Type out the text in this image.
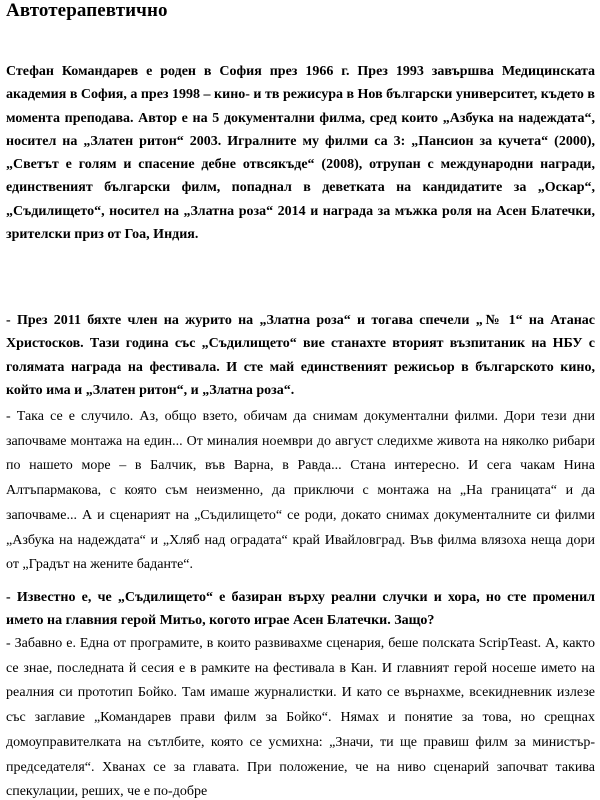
Автотерапевтично

Стефан Командарев е роден в София през 1966 г. През 1993 завършва Медицинската академия в София, а през 1998 – кино- и тв режисура в Нов български университет, където в момента преподава. Автор е на 5 документални филма, сред които „Азбука на надеждата“, носител на „Златен ритон“ 2003. Игралните му филми са 3: „Пансион за кучета“ (2000), „Светът е голям и спасение дебне отвсякъде“ (2008), отрупан с международни награди, единственият български филм, попаднал в деветката на кандидатите за „Оскар“, „Съдилището“, носител на „Златна роза“ 2014 и награда за мъжка роля на Асен Блатечки, зрителски приз от Гоа, Индия.

- През 2011 бяхте член на журито на „Златна роза“ и тогава спечели „№ 1“ на Атанас Христосков. Тази година със „Съдилището“ вие станахте вторият възпитаник на НБУ с голямата награда на фестивала. И сте май единственият режисьор в българското кино, който има и „Златен ритон“, и „Златна роза“.

- Така се е случило. Аз, общо взето, обичам да снимам документални филми. Дори тези дни започваме монтажа на един... От миналия ноември до август следихме живота на няколко рибари по нашето море – в Балчик, във Варна, в Равда... Стана интересно. И сега чакам Нина Алтъпармакова, с която съм неизменно, да приключи с монтажа на „На границата“ и да започваме... А и сценарият на „Съдилището“ се роди, докато снимах документалните си филми „Азбука на надеждата“ и „Хляб над оградата“ край Ивайловград. Във филма влязоха неща дори от „Градът на жените баданте“.

- Известно е, че „Съдилището“ е базиран върху реални случки и хора, но сте променил името на главния герой Митьо, когото играе Асен Блатечки. Защо?

- Забавно е. Една от програмите, в които развивахме сценария, беше полската ScripTeast. А, както се знае, последната й сесия е в рамките на фестивала в Кан. И главният герой носеше името на реалния си прототип Бойко. Там имаше журналистки. И като се върнахме, всекидневник излезе със заглавие „Командарев прави филм за Бойко“. Нямах и понятие за това, но срещнах домоуправителката на сътлбите, която се усмихна: „Значи, ти ще правиш филм за министър-председателя“. Хванах се за главата. При положение, че на ниво сценарий започват такива спекулации, реших, че е по-добре
